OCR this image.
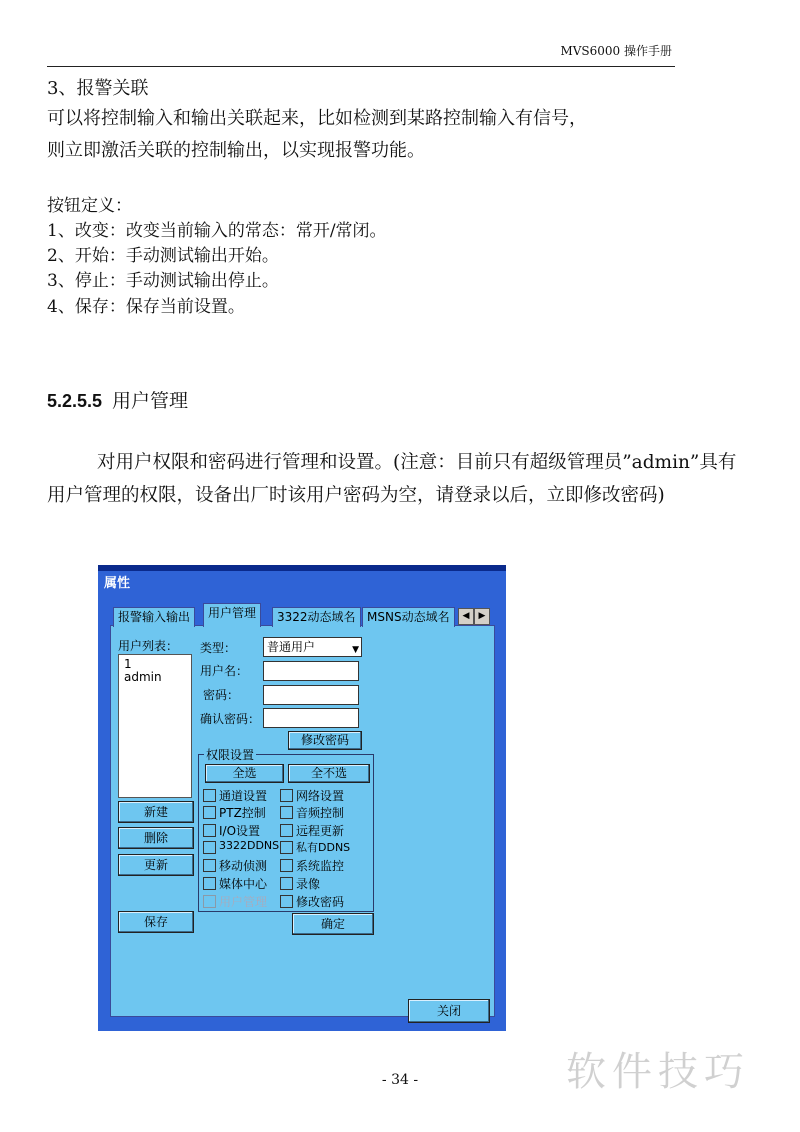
MVS6000 操作手册
3、报警关联
可以将控制输入和输出关联起来，比如检测到某路控制输入有信号，
则立即激活关联的控制输出，以实现报警功能。
按钮定义：
1、改变：改变当前输入的常态：常开/常闭。
2、开始：手动测试输出开始。
3、停止：手动测试输出停止。
4、保存：保存当前设置。
5.2.5.5 用户管理
对用户权限和密码进行管理和设置。(注意：目前只有超级管理员”admin”具有用户管理的权限，设备出厂时该用户密码为空，请登录以后，立即修改密码)
属性
报警输入输出	用户管理	3322动态域名 MSNS动态域名	◀	▶
用户列表：
1
admin
类型：	普通用户	▼
用户名：
密码：
确认密码：
修改密码
权限设置
全选	全不选
通道设置 网络设置
PTZ控制	音频控制
I/O设置	远程更新
3322DDNS 私有DDNS
移动侦测 系统监控
媒体中心 录像
用户管理 修改密码
新建
删除
更新
保存	确定
关闭
- 34 -	软件技巧
